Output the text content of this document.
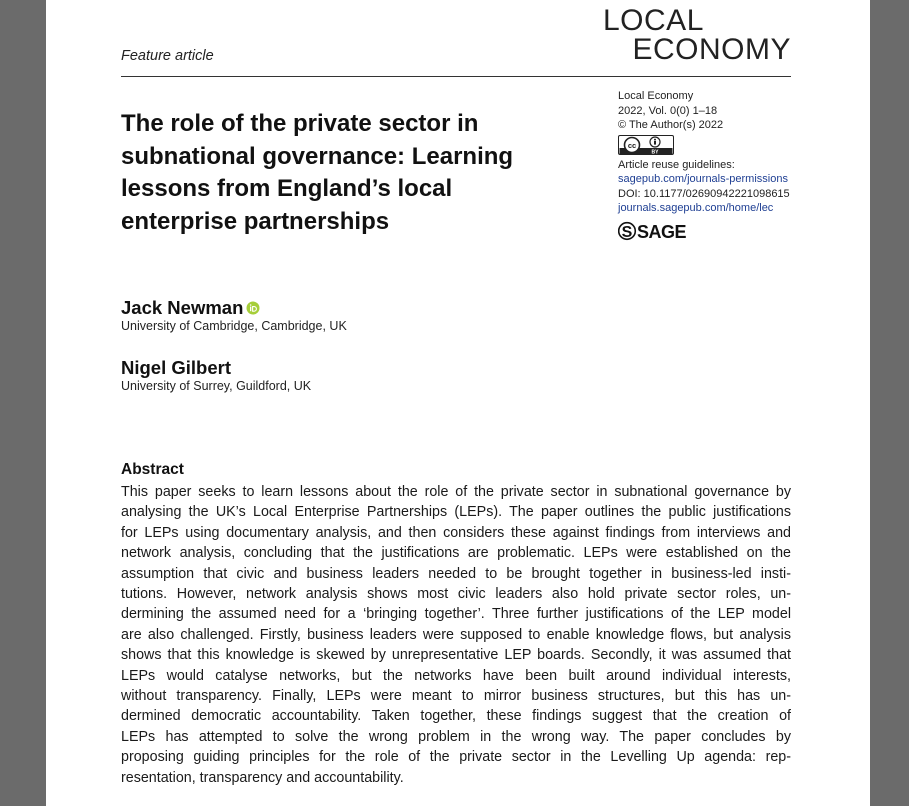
LOCAL
ECONOMY
Feature article
The role of the private sector in subnational governance: Learning lessons from England’s local enterprise partnerships
Local Economy
2022, Vol. 0(0) 1–18
© The Author(s) 2022
cc
BY
Article reuse guidelines:
sagepub.com/journals-permissions
DOI: 10.1177/02690942221098615
journals.sagepub.com/home/lec
S SAGE
Jack Newman
University of Cambridge, Cambridge, UK
Nigel Gilbert
University of Surrey, Guildford, UK
Abstract
This paper seeks to learn lessons about the role of the private sector in subnational governance by
analysing the UK’s Local Enterprise Partnerships (LEPs). The paper outlines the public justifications
for LEPs using documentary analysis, and then considers these against findings from interviews and
network analysis, concluding that the justifications are problematic. LEPs were established on the
assumption that civic and business leaders needed to be brought together in business-led insti-
tutions. However, network analysis shows most civic leaders also hold private sector roles, un-
dermining the assumed need for a ‘bringing together’. Three further justifications of the LEP model
are also challenged. Firstly, business leaders were supposed to enable knowledge flows, but analysis
shows that this knowledge is skewed by unrepresentative LEP boards. Secondly, it was assumed that
LEPs would catalyse networks, but the networks have been built around individual interests,
without transparency. Finally, LEPs were meant to mirror business structures, but this has un-
dermined democratic accountability. Taken together, these findings suggest that the creation of
LEPs has attempted to solve the wrong problem in the wrong way. The paper concludes by
proposing guiding principles for the role of the private sector in the Levelling Up agenda: rep-
resentation, transparency and accountability.
